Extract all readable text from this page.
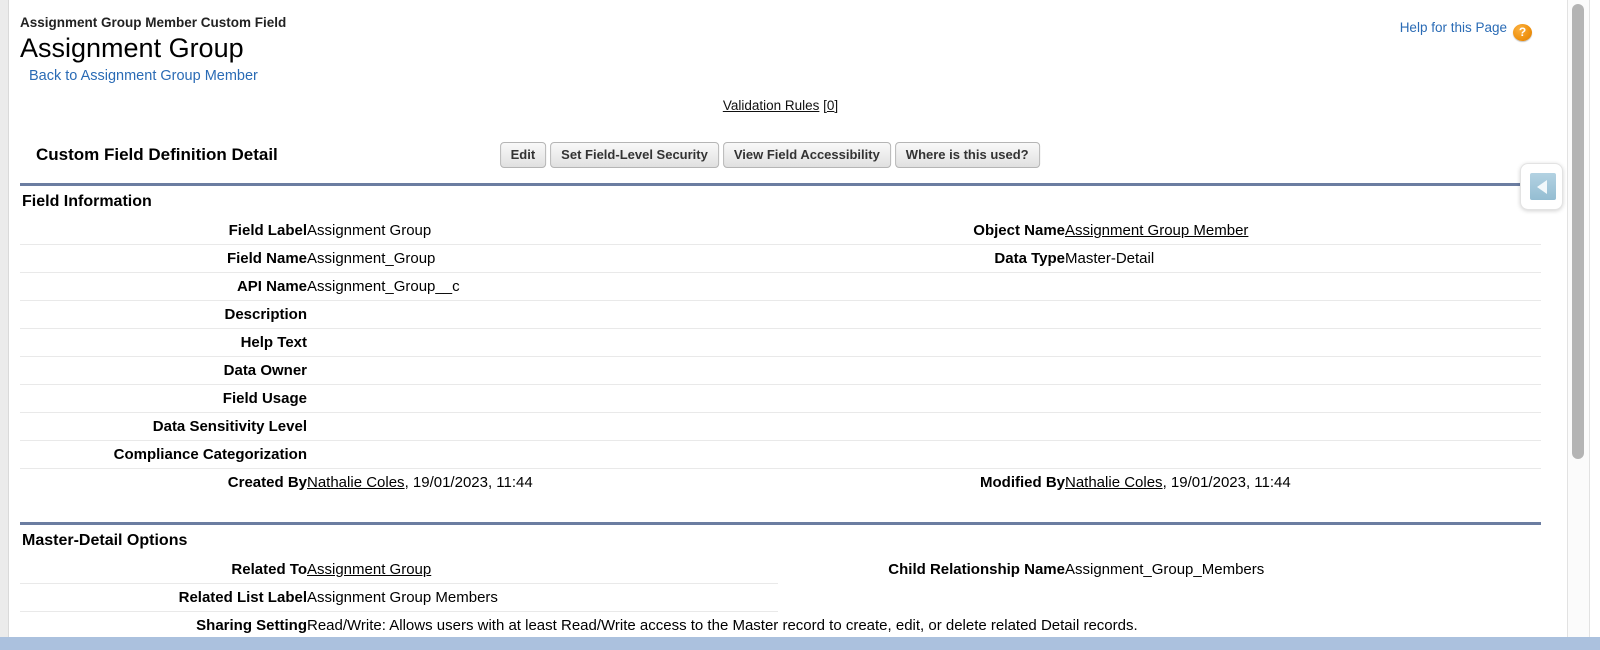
Assignment Group Member Custom Field
Assignment Group
Back to Assignment Group Member
Validation Rules [0]
Custom Field Definition Detail	Edit Set Field-Level Security View Field Accessibility Where is this used?
Field Information
Field Label	Assignment Group	Object Name	Assignment Group Member
Field Name	Assignment_Group	Data Type	Master-Detail
API Name	Assignment_Group__c		
Description			
Help Text			
Data Owner			
Field Usage			
Data Sensitivity Level			
Compliance Categorization			
Created By	Nathalie Coles, 19/01/2023, 11:44	Modified By	Nathalie Coles, 19/01/2023, 11:44
Master-Detail Options
Related To	Assignment Group	Child Relationship Name	Assignment_Group_Members
Related List Label	Assignment Group Members		
Sharing Setting	Read/Write: Allows users with at least Read/Write access to the Master record to create, edit, or delete related Detail records.		
Help for this Page ?
